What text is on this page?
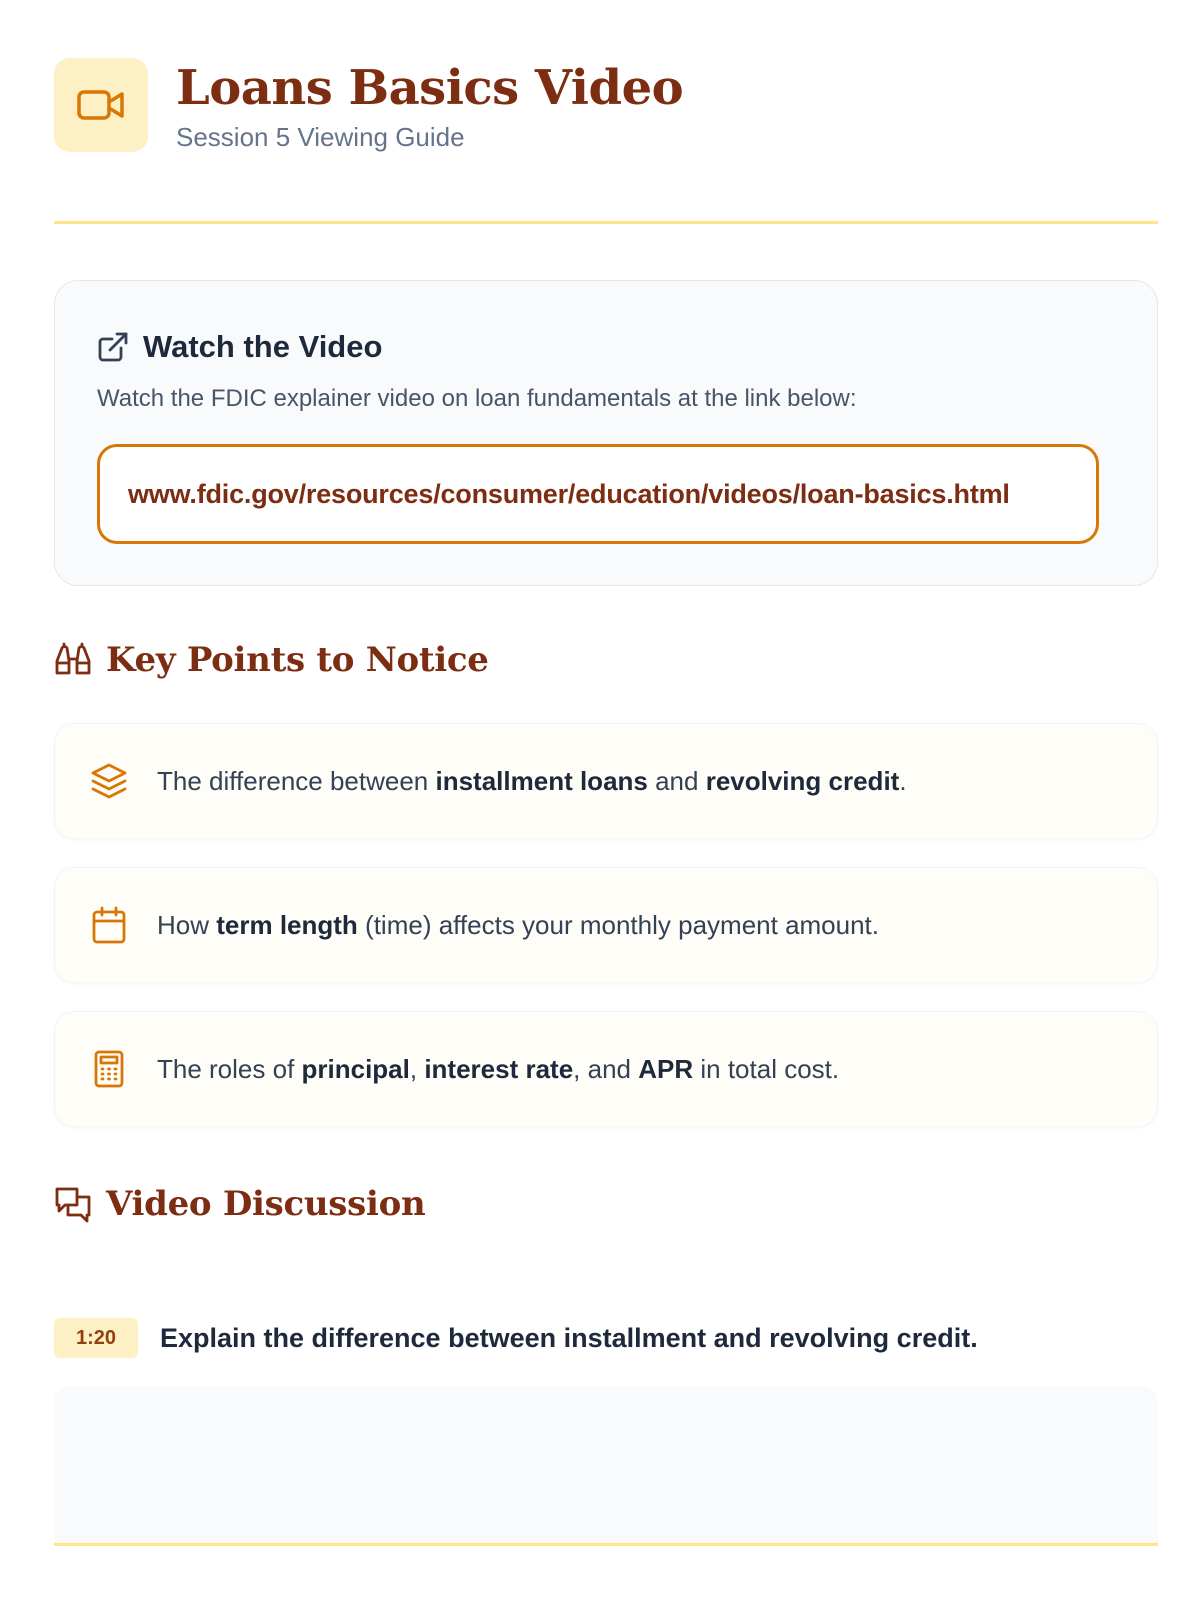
Loans Basics Video
Session 5 Viewing Guide
Watch the Video
Watch the FDIC explainer video on loan fundamentals at the link below:
www.fdic.gov/resources/consumer/education/videos/loan-basics.html
Key Points to Notice
The difference between installment loans and revolving credit.
How term length (time) affects your monthly payment amount.
The roles of principal, interest rate, and APR in total cost.
Video Discussion
1:20	Explain the difference between installment and revolving credit.
